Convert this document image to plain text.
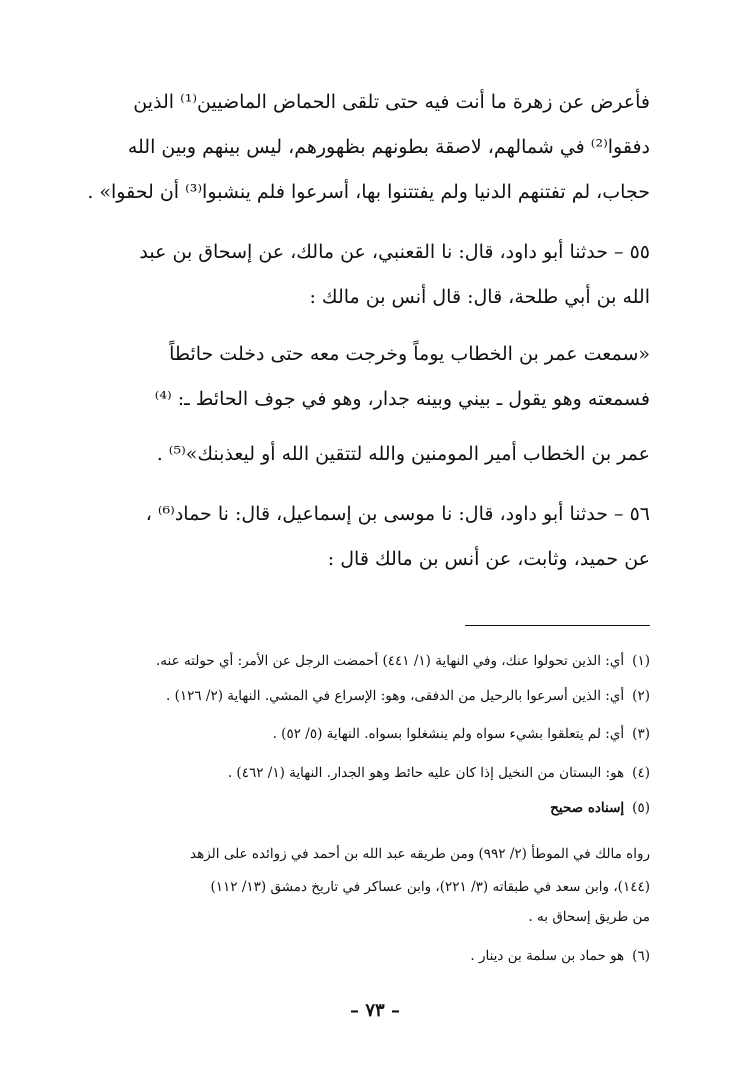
فأعرض عن زهرة ما أنت فيه حتى تلقى الحماض الماضيين⁽¹⁾ الذين
دفقوا⁽²⁾ في شمالهم، لاصقة بطونهم بظهورهم، ليس بينهم وبين الله
حجاب، لم تفتنهم الدنيا ولم يفتتنوا بها، أسرعوا فلم ينشبوا⁽³⁾ أن لحقوا» .
٥٥ – حدثنا أبو داود، قال: نا القعنبي، عن مالك، عن إسحاق بن عبد
الله بن أبي طلحة، قال: قال أنس بن مالك :
«سمعت عمر بن الخطاب يوماً وخرجت معه حتى دخلت حائطاً
فسمعته وهو يقول ـ بيني وبينه جدار، وهو في جوف الحائط ـ: ⁽⁴⁾
عمر بن الخطاب أمير المومنين والله لتتقين الله أو ليعذبنك»⁽⁵⁾ .
٥٦ – حدثنا أبو داود، قال: نا موسى بن إسماعيل، قال: نا حماد⁽⁶⁾ ،
عن حميد، وثابت، عن أنس بن مالك قال :
(١)أي: الذين تحولوا عنك، وفي النهاية (١/ ٤٤١) أحمضت الرجل عن الأمر: أي حولته عنه.
(٢)أي: الذين أسرعوا بالرحيل من الدفقى، وهو: الإسراع في المشي. النهاية (٢/ ١٢٦) .
(٣)أي: لم يتعلقوا بشيء سواه ولم ينشغلوا بسواه. النهاية (٥/ ٥٢) .
(٤)هو: البستان من النخيل إذا كان عليه حائط وهو الجدار. النهاية (١/ ٤٦٢) .
(٥)إسناده صحيح
رواه مالك في الموطأ (٢/ ٩٩٢) ومن طريقه عبد الله بن أحمد في زوائده على الزهد
(١٤٤)، وابن سعد في طبقاته (٣/ ٢٢١)، وابن عساكر في تاريخ دمشق (١٣/ ١١٢)
من طريق إسحاق به .
(٦)هو حماد بن سلمة بن دينار .
– ٧٣ –
